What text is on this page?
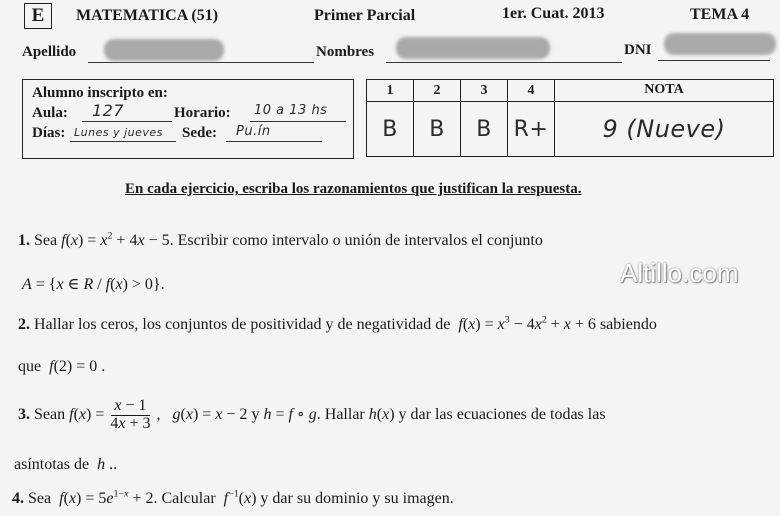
E	MATEMATICA (51)	Primer Parcial	1er. Cuat. 2013	TEMA 4
Apellido	Nombres	DNI
Alumno inscripto en:
Aula: 127	Horario: 10 a 13 hs
Días: Lunes y jueves Sede: Pu.ín
1	2	3	4	NOTA
B	B	B	R+	9 (Nueve)
En cada ejercicio, escriba los razonamientos que justifican la respuesta.
Altillo.com
1. Sea $f(x) = x^2 + 4x - 5$. Escribir como intervalo o unión de intervalos el conjunto
A = {x ∈ R / f(x) > 0}.
2. Hallar los ceros, los conjuntos de positividad y de negatividad de  $f(x) = x^3 - 4x^2 + x + 6$ sabiendo
que  f(2) = 0 .
3. Sean $f(x) = \frac{x - 1}{4x + 3}$ ,   g(x) = x − 2 y h = f ∘ g. Hallar h(x) y dar las ecuaciones de todas las
asíntotas de  h ..
4. Sea  $f(x) = 5e^{1-x} + 2$. Calcular  $f^{-1}(x)$ y dar su dominio y su imagen.
